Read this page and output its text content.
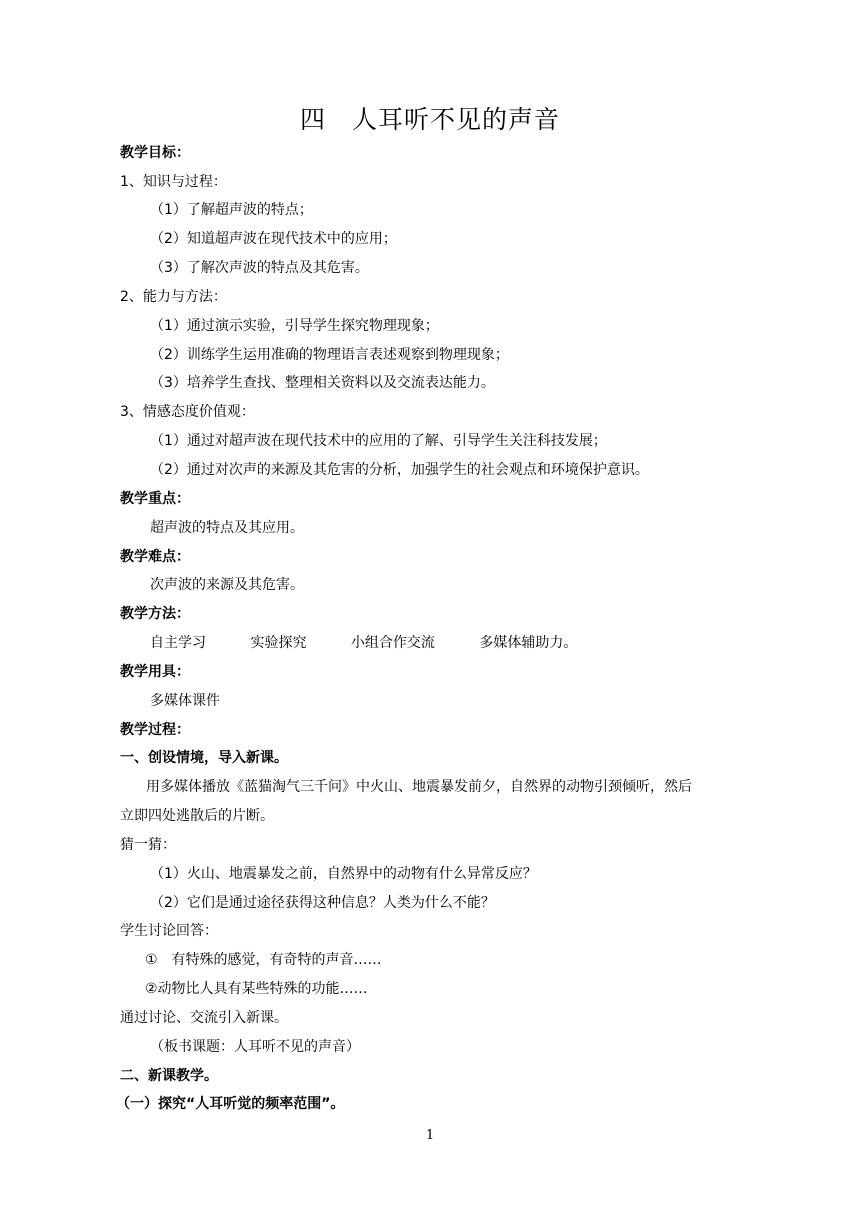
四　人耳听不见的声音
教学目标：
1、知识与过程：
（1）了解超声波的特点；
（2）知道超声波在现代技术中的应用；
（3）了解次声波的特点及其危害。
2、能力与方法：
（1）通过演示实验，引导学生探究物理现象；
（2）训练学生运用准确的物理语言表述观察到物理现象；
（3）培养学生查找、整理相关资料以及交流表达能力。
3、情感态度价值观：
（1）通过对超声波在现代技术中的应用的了解、引导学生关注科技发展；
（2）通过对次声的来源及其危害的分析，加强学生的社会观点和环境保护意识。
教学重点：
超声波的特点及其应用。
教学难点：
次声波的来源及其危害。
教学方法：
自主学习	实验探究	小组合作交流	多媒体辅助力。
教学用具：
多媒体课件
教学过程：
一、创设情境，导入新课。
用多媒体播放《蓝猫淘气三千问》中火山、地震暴发前夕，自然界的动物引颈倾听，然后
立即四处逃散后的片断。
猜一猜：
（1）火山、地震暴发之前，自然界中的动物有什么异常反应？
（2）它们是通过途径获得这种信息？人类为什么不能？
学生讨论回答：
①　有特殊的感觉，有奇特的声音……
②动物比人具有某些特殊的功能……
通过讨论、交流引入新课。
（板书课题：人耳听不见的声音）
二、新课教学。
（一）探究“人耳听觉的频率范围”。
1
